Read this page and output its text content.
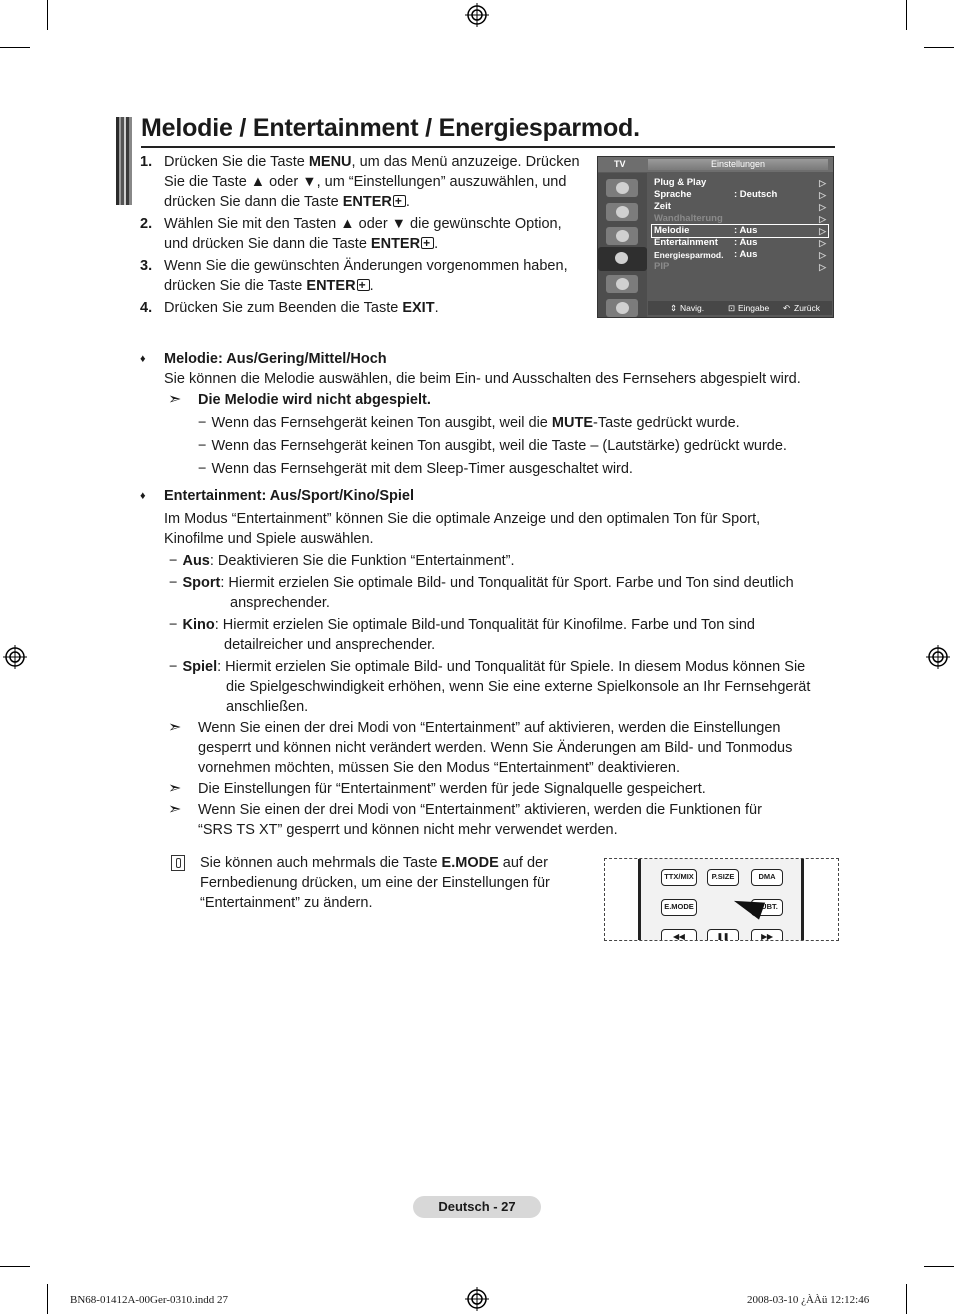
Melodie / Entertainment / Energiesparmod.
1. Drücken Sie die Taste MENU, um das Menü anzuzeige. Drücken Sie die Taste ▲ oder ▼, um “Einstellungen” auszuwählen, und drücken Sie dann die Taste ENTER + .
2. Wählen Sie mit den Tasten ▲ oder ▼ die gewünschte Option, und drücken Sie dann die Taste ENTER + .
3. Wenn Sie die gewünschten Änderungen vorgenommen haben, drücken Sie die Taste ENTER + .
4. Drücken Sie zum Beenden die Taste EXIT.
TV	Einstellungen
Plug & Play	▷
Sprache	: Deutsch	▷
Zeit	▷
Wandhalterung	▷
Melodie	: Aus	▷
Entertainment : Aus	▷
Energiesparmod. : Aus	▷
PIP	▷
⇕ Navig.	⊡ Eingabe ↶ Zurück
♦ Melodie: Aus/Gering/Mittel/Hoch
Sie können die Melodie auswählen, die beim Ein- und Ausschalten des Fernsehers abgespielt wird.
➣ Die Melodie wird nicht abgespielt.
− Wenn das Fernsehgerät keinen Ton ausgibt, weil die MUTE-Taste gedrückt wurde.
− Wenn das Fernsehgerät keinen Ton ausgibt, weil die Taste – (Lautstärke) gedrückt wurde.
− Wenn das Fernsehgerät mit dem Sleep-Timer ausgeschaltet wird.
♦ Entertainment: Aus/Sport/Kino/Spiel
Im Modus “Entertainment” können Sie die optimale Anzeige und den optimalen Ton für Sport, Kinofilme und Spiele auswählen.
− Aus: Deaktivieren Sie die Funktion “Entertainment”.
− Sport: Hiermit erzielen Sie optimale Bild- und Tonqualität für Sport. Farbe und Ton sind deutlich
ansprechender.
− Kino: Hiermit erzielen Sie optimale Bild-und Tonqualität für Kinofilme. Farbe und Ton sind
detailreicher und ansprechender.
− Spiel: Hiermit erzielen Sie optimale Bild- und Tonqualität für Spiele. In diesem Modus können Sie
die Spielgeschwindigkeit erhöhen, wenn Sie eine externe Spielkonsole an Ihr Fernsehgerät
anschließen.
➣ Wenn Sie einen der drei Modi von “Entertainment” auf aktivieren, werden die Einstellungen gesperrt und können nicht verändert werden. Wenn Sie Änderungen am Bild- und Tonmodus vornehmen möchten, müssen Sie den Modus “Entertainment” deaktivieren.
➣ Die Einstellungen für “Entertainment” werden für jede Signalquelle gespeichert.
➣ Wenn Sie einen der drei Modi von “Entertainment” aktivieren, werden die Funktionen für “SRS TS XT” gesperrt und können nicht mehr verwendet werden.
Sie können auch mehrmals die Taste E.MODE auf der Fernbedienung drücken, um eine der Einstellungen für “Entertainment” zu ändern.
TTX/MIX	P.SIZE	DMA
E.MODE	SUBT.
◀◀	❚❚	▶▶
Deutsch - 27
BN68-01412A-00Ger-0310.indd 27	2008-03-10 ¿ÀÀü 12:12:46
